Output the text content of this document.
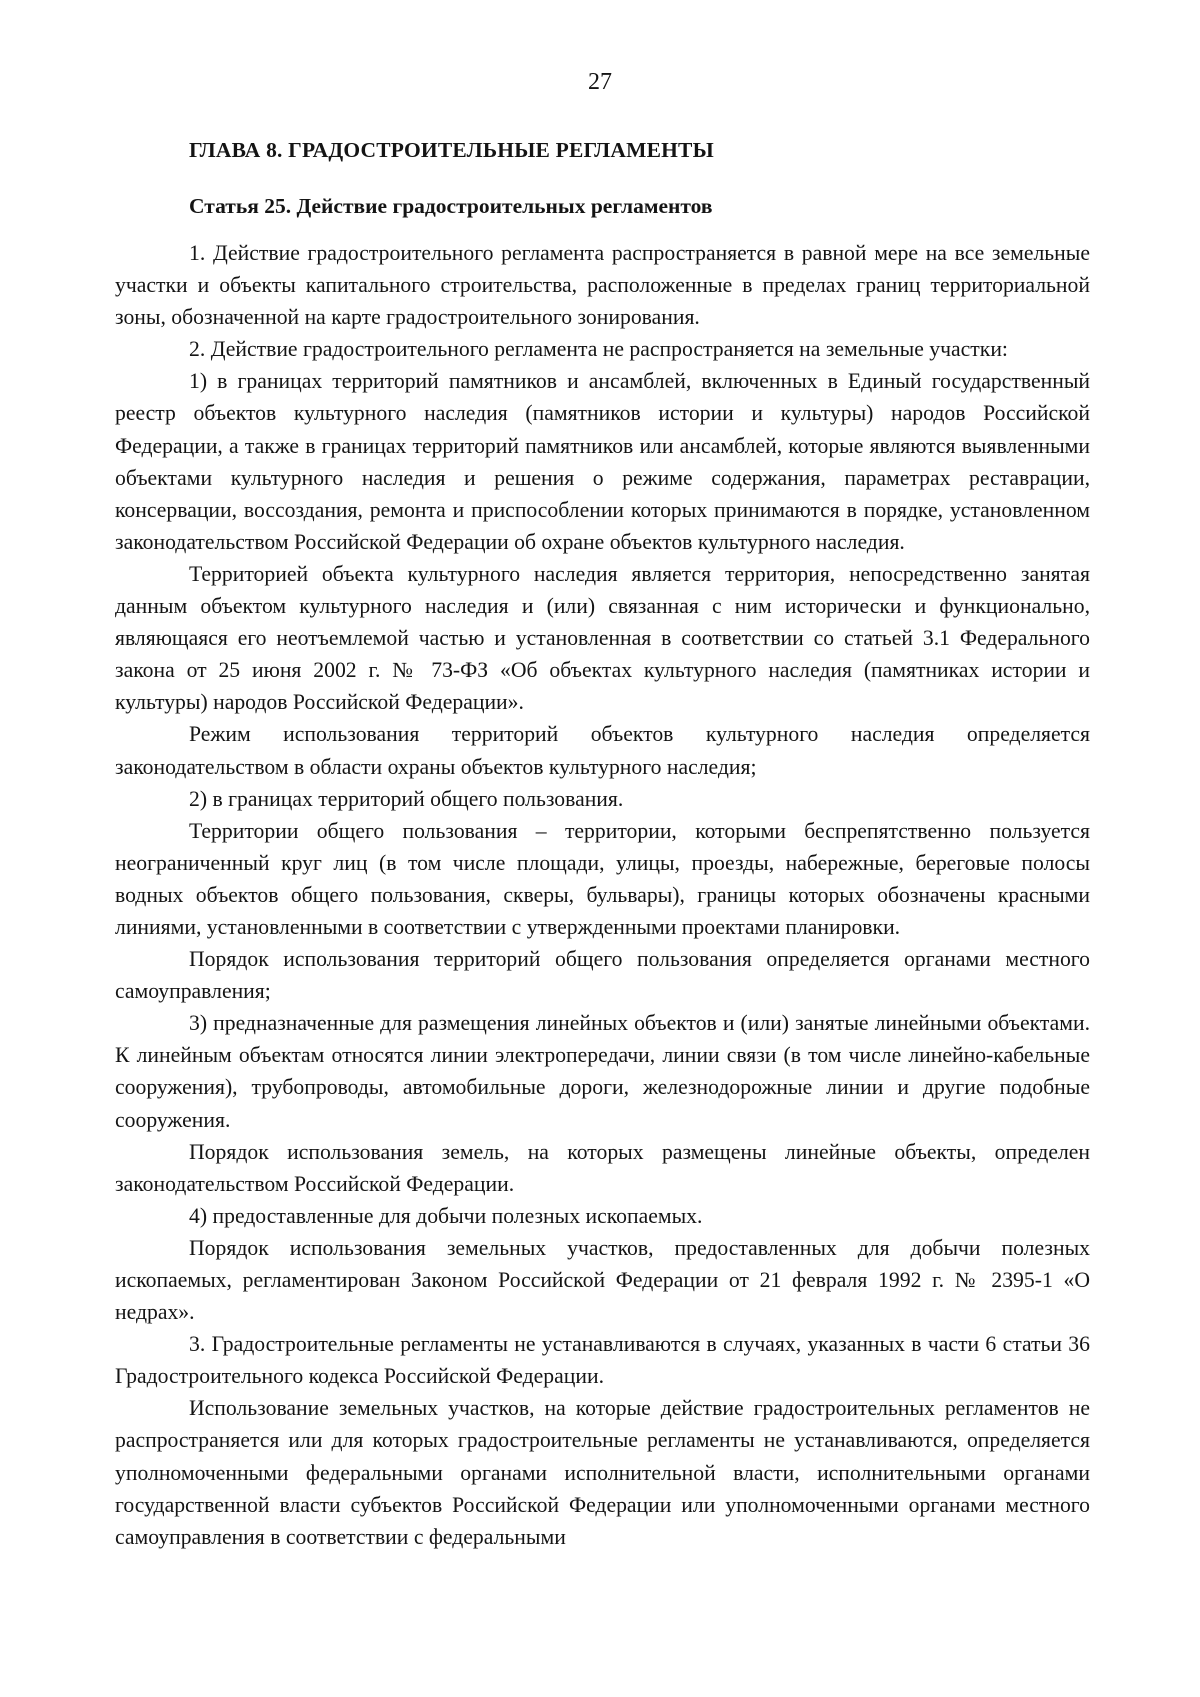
27
ГЛАВА 8. ГРАДОСТРОИТЕЛЬНЫЕ РЕГЛАМЕНТЫ
Статья 25. Действие градостроительных регламентов

1. Действие градостроительного регламента распространяется в равной мере на все земельные участки и объекты капитального строительства, расположенные в пределах границ территориальной зоны, обозначенной на карте градостроительного зонирования.

2. Действие градостроительного регламента не распространяется на земельные участки:

1) в границах территорий памятников и ансамблей, включенных в Единый государственный реестр объектов культурного наследия (памятников истории и культуры) народов Российской Федерации, а также в границах территорий памятников или ансамблей, которые являются выявленными объектами культурного наследия и решения о режиме содержания, параметрах реставрации, консервации, воссоздания, ремонта и приспособлении которых принимаются в порядке, установленном законодательством Российской Федерации об охране объектов культурного наследия.

Территорией объекта культурного наследия является территория, непосредственно занятая данным объектом культурного наследия и (или) связанная с ним исторически и функционально, являющаяся его неотъемлемой частью и установленная в соответствии со статьей 3.1 Федерального закона от 25 июня 2002 г. № 73-ФЗ «Об объектах культурного наследия (памятниках истории и культуры) народов Российской Федерации».

Режим использования территорий объектов культурного наследия определяется законодательством в области охраны объектов культурного наследия;

2) в границах территорий общего пользования.

Территории общего пользования – территории, которыми беспрепятственно пользуется неограниченный круг лиц (в том числе площади, улицы, проезды, набережные, береговые полосы водных объектов общего пользования, скверы, бульвары), границы которых обозначены красными линиями, установленными в соответствии с утвержденными проектами планировки.

Порядок использования территорий общего пользования определяется органами местного самоуправления;

3) предназначенные для размещения линейных объектов и (или) занятые линейными объектами. К линейным объектам относятся линии электропередачи, линии связи (в том числе линейно-кабельные сооружения), трубопроводы, автомобильные дороги, железнодорожные линии и другие подобные сооружения.

Порядок использования земель, на которых размещены линейные объекты, определен законодательством Российской Федерации.

4) предоставленные для добычи полезных ископаемых.

Порядок использования земельных участков, предоставленных для добычи полезных ископаемых, регламентирован Законом Российской Федерации от 21 февраля 1992 г. № 2395-1 «О недрах».

3. Градостроительные регламенты не устанавливаются в случаях, указанных в части 6 статьи 36 Градостроительного кодекса Российской Федерации.

Использование земельных участков, на которые действие градостроительных регламентов не распространяется или для которых градостроительные регламенты не устанавливаются, определяется уполномоченными федеральными органами исполнительной власти, исполнительными органами государственной власти субъектов Российской Федерации или уполномоченными органами местного самоуправления в соответствии с федеральными
